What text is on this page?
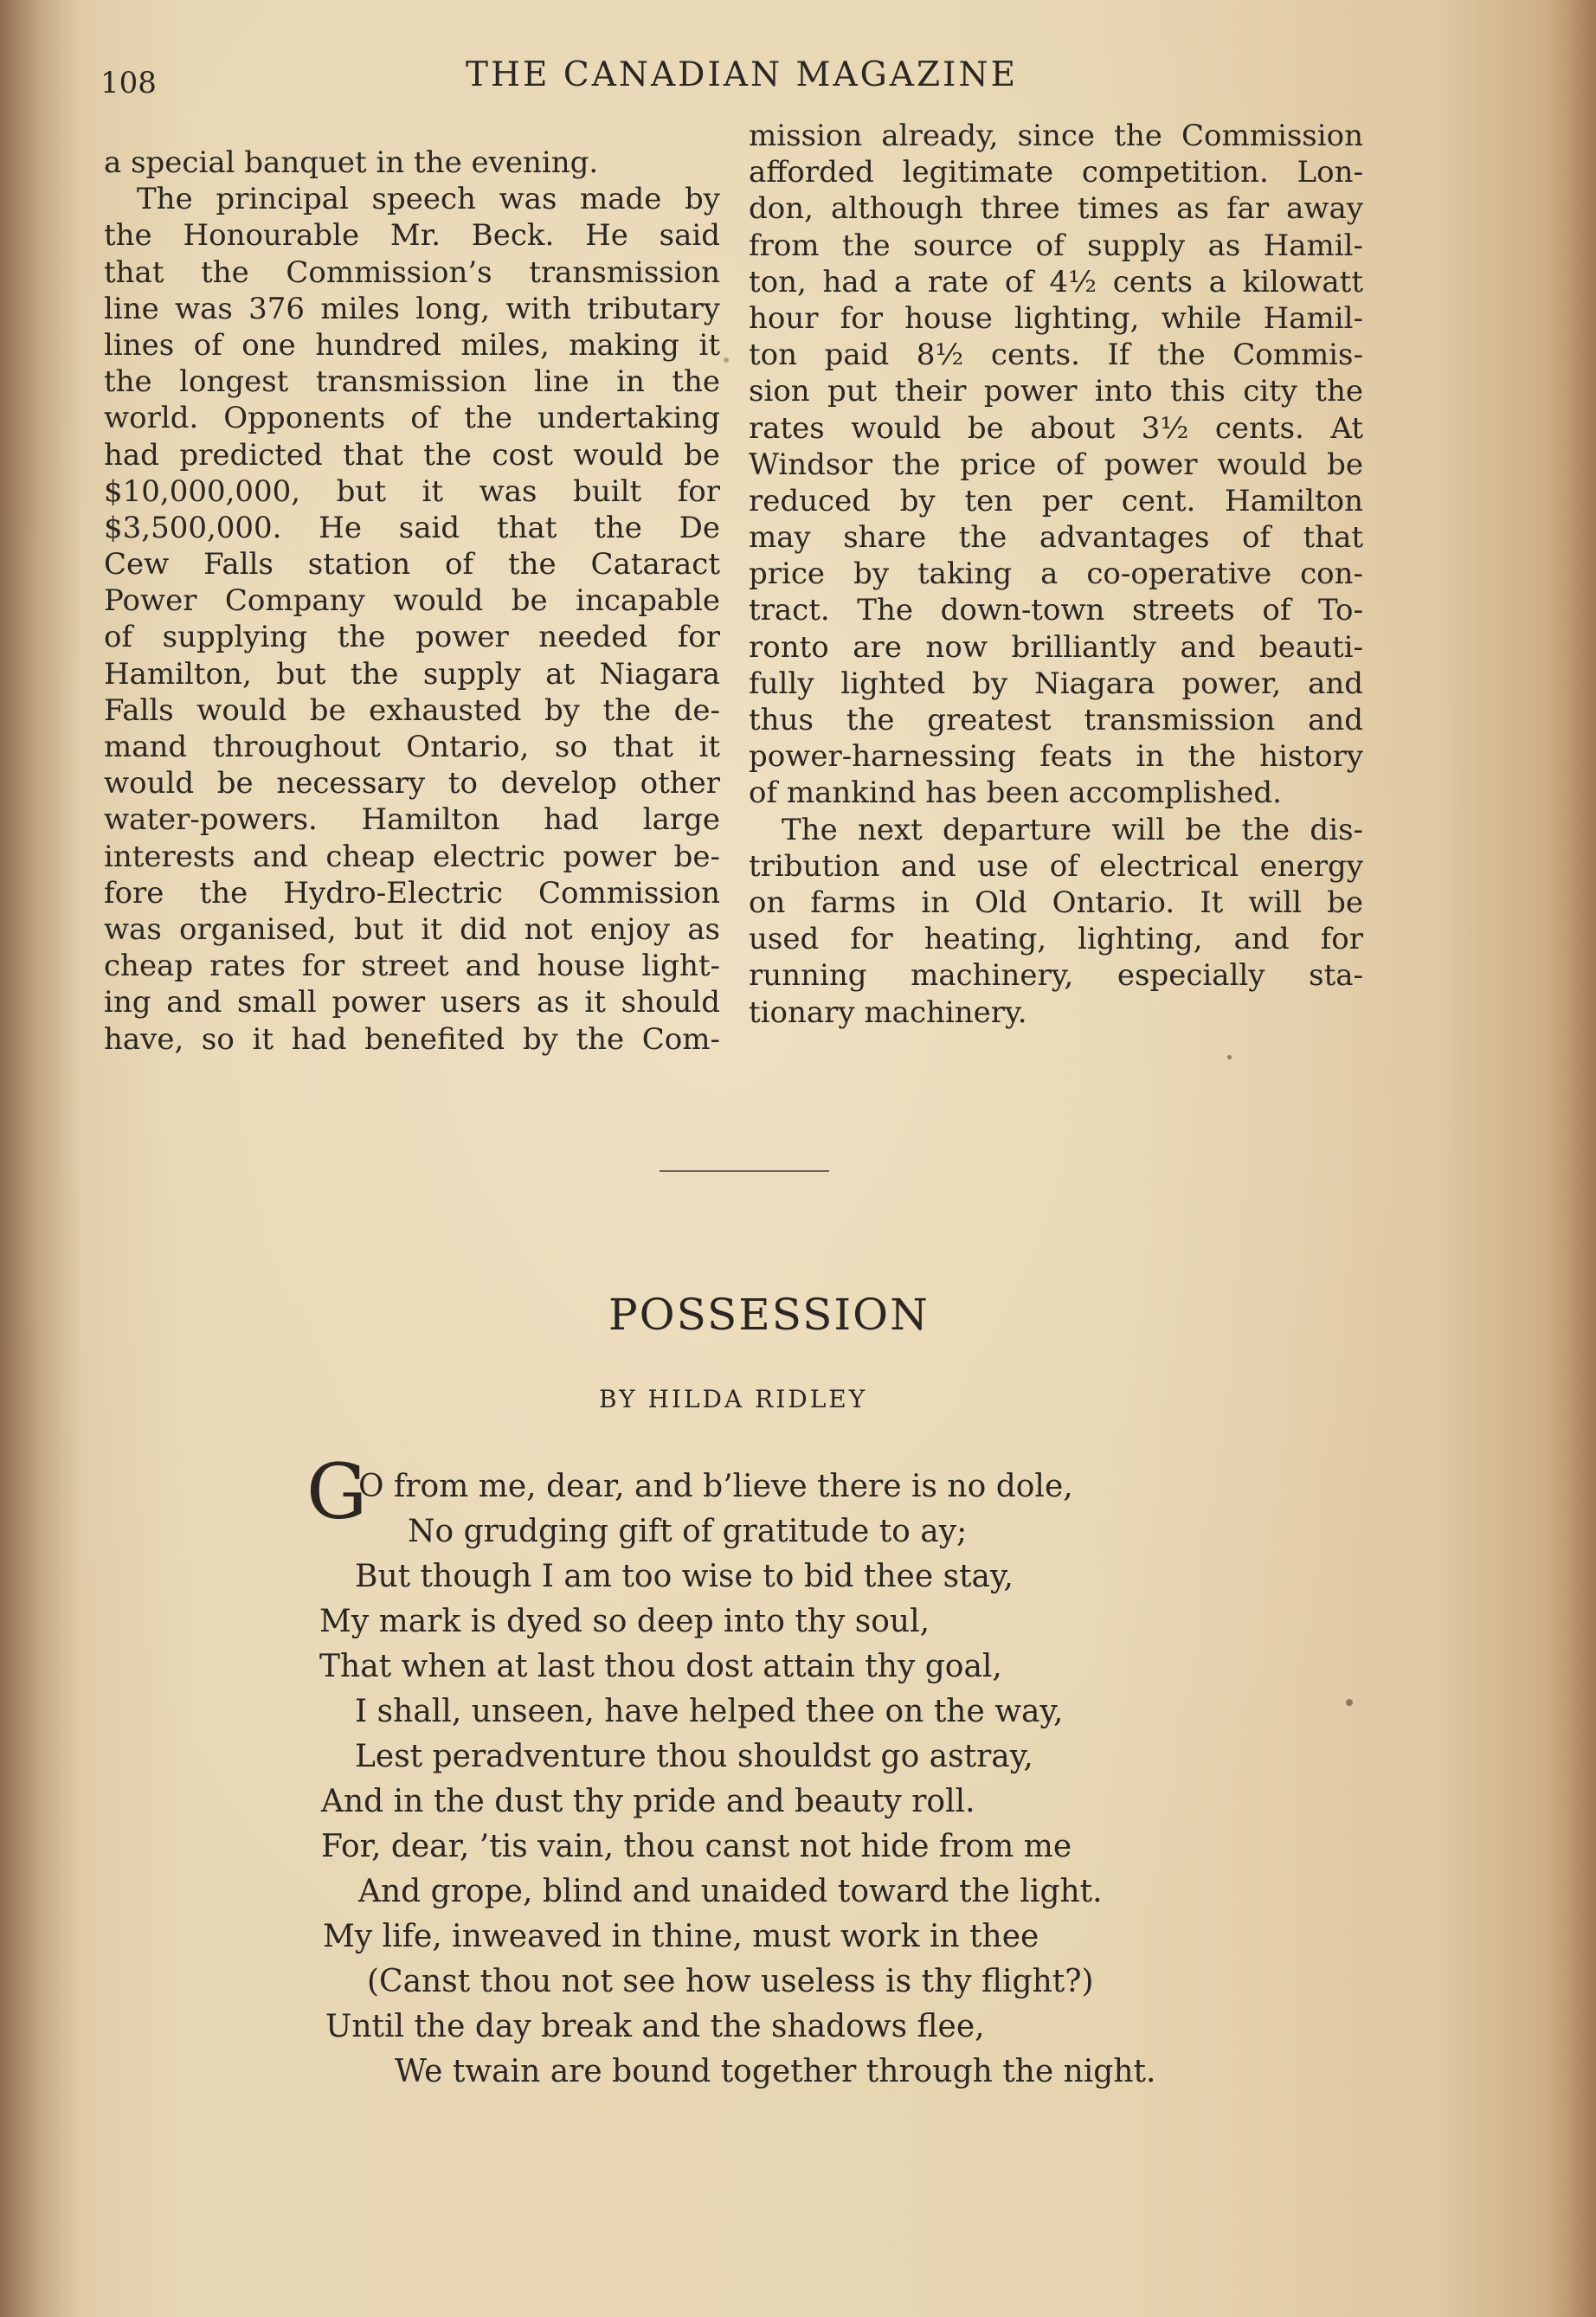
108	THE CANADIAN MAGAZINE
a special banquet in the evening.
The principal speech was made by
the Honourable Mr. Beck. He said
that the Commission’s transmission
line was 376 miles long, with tributary
lines of one hundred miles, making it
the longest transmission line in the
world. Opponents of the undertaking
had predicted that the cost would be
$10,000,000, but it was built for
$3,500,000. He said that the De
Cew Falls station of the Cataract
Power Company would be incapable
of supplying the power needed for
Hamilton, but the supply at Niagara
Falls would be exhausted by the de-
mand throughout Ontario, so that it
would be necessary to develop other
water-powers. Hamilton had large
interests and cheap electric power be-
fore the Hydro-Electric Commission
was organised, but it did not enjoy as
cheap rates for street and house light-
ing and small power users as it should
have, so it had benefited by the Com-
mission already, since the Commission
afforded legitimate competition. Lon-
don, although three times as far away
from the source of supply as Hamil-
ton, had a rate of 4½ cents a kilowatt
hour for house lighting, while Hamil-
ton paid 8½ cents. If the Commis-
sion put their power into this city the
rates would be about 3½ cents. At
Windsor the price of power would be
reduced by ten per cent. Hamilton
may share the advantages of that
price by taking a co-operative con-
tract. The down-town streets of To-
ronto are now brilliantly and beauti-
fully lighted by Niagara power, and
thus the greatest transmission and
power-harnessing feats in the history
of mankind has been accomplished.
The next departure will be the dis-
tribution and use of electrical energy
on farms in Old Ontario. It will be
used for heating, lighting, and for
running machinery, especially sta-
tionary machinery.
POSSESSION
BY HILDA RIDLEY
G
O from me, dear, and b’lieve there is no dole,
No grudging gift of gratitude to ay;
But though I am too wise to bid thee stay,
My mark is dyed so deep into thy soul,
That when at last thou dost attain thy goal,
I shall, unseen, have helped thee on the way,
Lest peradventure thou shouldst go astray,
And in the dust thy pride and beauty roll.
For, dear, ’tis vain, thou canst not hide from me
And grope, blind and unaided toward the light.
My life, inweaved in thine, must work in thee
(Canst thou not see how useless is thy flight?)
Until the day break and the shadows flee,
We twain are bound together through the night.
